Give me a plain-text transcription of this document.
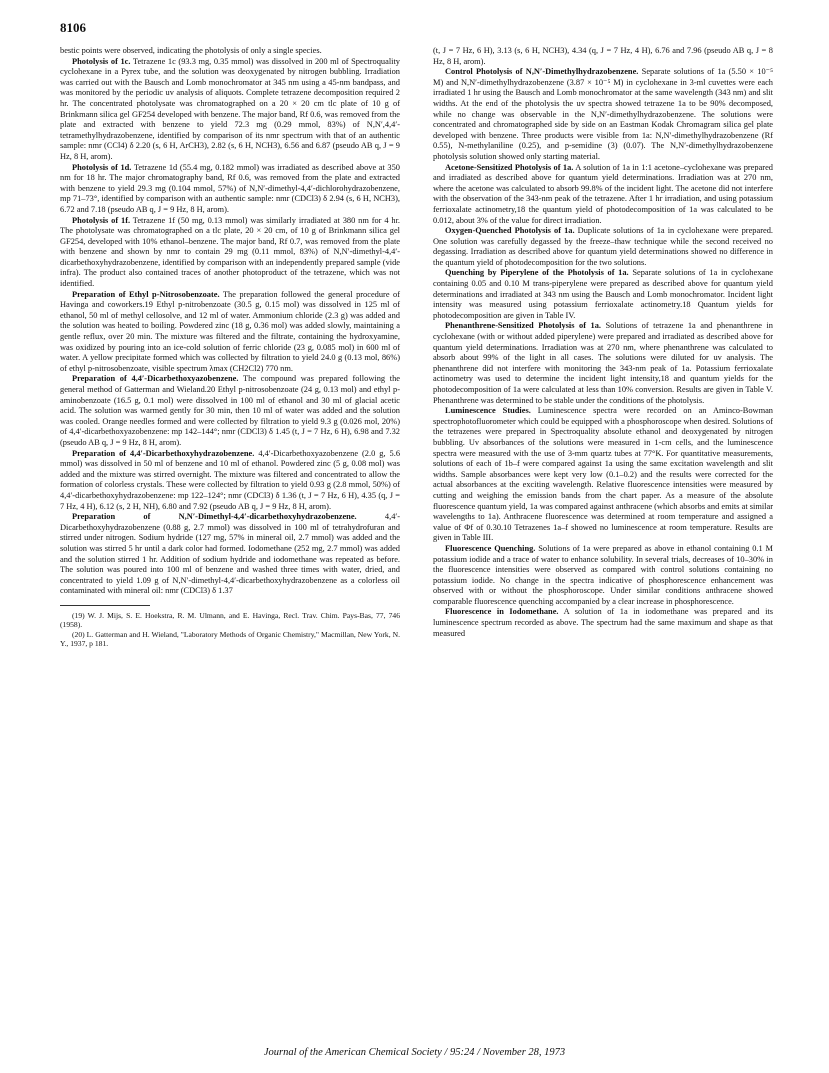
8106

bestic points were observed, indicating the photolysis of only a single species.

Photolysis of 1c. Tetrazene 1c (93.3 mg, 0.35 mmol) was dissolved in 200 ml of Spectroquality cyclohexane in a Pyrex tube, and the solution was deoxygenated by nitrogen bubbling. Irradiation was carried out with the Bausch and Lomb monochromator at 345 nm using a 45-nm bandpass, and was monitored by the periodic uv analysis of aliquots. Complete tetrazene decomposition required 2 hr. The concentrated photolysate was chromatographed on a 20 × 20 cm tlc plate of 10 g of Brinkmann silica gel GF254 developed with benzene. The major band, Rf 0.6, was removed from the plate and extracted with benzene to yield 72.3 mg (0.29 mmol, 83%) of N,N′,4,4′-tetramethylhydrazobenzene, identified by comparison of its nmr spectrum with that of an authentic sample: nmr (CCl4) δ 2.20 (s, 6 H, ArCH3), 2.82 (s, 6 H, NCH3), 6.56 and 6.87 (pseudo AB q, J = 9 Hz, 8 H, arom).

Photolysis of 1d. Tetrazene 1d (55.4 mg, 0.182 mmol) was irradiated as described above at 350 nm for 18 hr. The major chromatography band, Rf 0.6, was removed from the plate and extracted with benzene to yield 29.3 mg (0.104 mmol, 57%) of N,N′-dimethyl-4,4′-dichlorohydrazobenzene, mp 71–73°, identified by comparison with an authentic sample: nmr (CDCl3) δ 2.94 (s, 6 H, NCH3), 6.72 and 7.18 (pseudo AB q, J = 9 Hz, 8 H, arom).

Photolysis of 1f. Tetrazene 1f (50 mg, 0.13 mmol) was similarly irradiated at 380 nm for 4 hr. The photolysate was chromatographed on a tlc plate, 20 × 20 cm, of 10 g of Brinkmann silica gel GF254, developed with 10% ethanol–benzene. The major band, Rf 0.7, was removed from the plate with benzene and shown by nmr to contain 29 mg (0.11 mmol, 83%) of N,N′-dimethyl-4,4′-dicarbethoxyhydrazobenzene, identified by comparison with an independently prepared sample (vide infra). The product also contained traces of another photoproduct of the tetrazene, which was not identified.

Preparation of Ethyl p-Nitrosobenzoate. The preparation followed the general procedure of Havinga and coworkers.19 Ethyl p-nitrobenzoate (30.5 g, 0.15 mol) was dissolved in 125 ml of ethanol, 50 ml of methyl cellosolve, and 12 ml of water. Ammonium chloride (2.3 g) was added and the solution was heated to boiling. Powdered zinc (18 g, 0.36 mol) was added slowly, maintaining a gentle reflux, over 20 min. The mixture was filtered and the filtrate, containing the hydroxyamine, was oxidized by pouring into an ice-cold solution of ferric chloride (23 g, 0.085 mol) in 600 ml of water. A yellow precipitate formed which was collected by filtration to yield 24.0 g (0.13 mol, 86%) of ethyl p-nitrosobenzoate, visible spectrum λmax (CH2Cl2) 770 nm.

Preparation of 4,4′-Dicarbethoxyazobenzene. The compound was prepared following the general method of Gatterman and Wieland.20 Ethyl p-nitrosobenzoate (24 g, 0.13 mol) and ethyl p-aminobenzoate (16.5 g, 0.1 mol) were dissolved in 100 ml of ethanol and 30 ml of glacial acetic acid. The solution was warmed gently for 30 min, then 10 ml of water was added and the solution was cooled. Orange needles formed and were collected by filtration to yield 9.3 g (0.026 mol, 20%) of 4,4′-dicarbethoxyazobenzene: mp 142–144°; nmr (CDCl3) δ 1.45 (t, J = 7 Hz, 6 H), 6.98 and 7.32 (pseudo AB q, J = 9 Hz, 8 H, arom).

Preparation of 4,4′-Dicarbethoxyhydrazobenzene. 4,4′-Dicarbethoxyazobenzene (2.0 g, 5.6 mmol) was dissolved in 50 ml of benzene and 10 ml of ethanol. Powdered zinc (5 g, 0.08 mol) was added and the mixture was stirred overnight. The mixture was filtered and concentrated to allow the formation of colorless crystals. These were collected by filtration to yield 0.93 g (2.8 mmol, 50%) of 4,4′-dicarbethoxyhydrazobenzene: mp 122–124°; nmr (CDCl3) δ 1.36 (t, J = 7 Hz, 6 H), 4.35 (q, J = 7 Hz, 4 H), 6.12 (s, 2 H, NH), 6.80 and 7.92 (pseudo AB q, J = 9 Hz, 8 H, arom).

Preparation of N,N′-Dimethyl-4,4′-dicarbethoxyhydrazobenzene.	4,4′-Dicarbethoxyhydrazobenzene (0.88 g, 2.7 mmol) was dissolved in 100 ml of tetrahydrofuran and stirred under nitrogen. Sodium hydride (127 mg, 57% in mineral oil, 2.7 mmol) was added and the solution was stirred 5 hr until a dark color had formed. Iodomethane (252 mg, 2.7 mmol) was added and the solution stirred 1 hr. Addition of sodium hydride and iodomethane was repeated as before. The solution was poured into 100 ml of benzene and washed three times with water, dried, and concentrated to yield 1.09 g of N,N′-dimethyl-4,4′-dicarbethoxyhydrazobenzene as a colorless oil contaminated with mineral oil: nmr (CDCl3) δ 1.37

(19) W. J. Mijs, S. E. Hoekstra, R. M. Ulmann, and E. Havinga, Recl. Trav. Chim. Pays-Bas, 77, 746 (1958).

(20) L. Gatterman and H. Wieland, "Laboratory Methods of Organic Chemistry," Macmillan, New York, N. Y., 1937, p 181.

(t, J = 7 Hz, 6 H), 3.13 (s, 6 H, NCH3), 4.34 (q, J = 7 Hz, 4 H), 6.76 and 7.96 (pseudo AB q, J = 8 Hz, 8 H, arom).

Control Photolysis of N,N′-Dimethylhydrazobenzene. Separate solutions of 1a (5.50 × 10⁻⁵ M) and N,N′-dimethylhydrazobenzene (3.87 × 10⁻⁵ M) in cyclohexane in 3-ml cuvettes were each irradiated 1 hr using the Bausch and Lomb monochromator at the same wavelength (343 nm) and slit widths. At the end of the photolysis the uv spectra showed tetrazene 1a to be 90% decomposed, while no change was observable in the N,N′-dimethylhydrazobenzene. The solutions were concentrated and chromatographed side by side on an Eastman Kodak Chromagram silica gel plate developed with benzene. Three products were visible from 1a: N,N′-dimethylhydrazobenzene (Rf 0.55), N-methylaniline (0.25), and p-semidine (3) (0.07). The N,N′-dimethylhydrazobenzene photolysis solution showed only starting material.

Acetone-Sensitized Photolysis of 1a. A solution of 1a in 1:1 acetone–cyclohexane was prepared and irradiated as described above for quantum yield determinations. Irradiation was at 270 nm, where the acetone was calculated to absorb 99.8% of the incident light. The acetone did not interfere with the observation of the 343-nm peak of the tetrazene. After 1 hr irradiation, and using potassium ferrioxalate actinometry,18 the quantum yield of photodecomposition of 1a was calculated to be 0.012, about 3% of the value for direct irradiation.

Oxygen-Quenched Photolysis of 1a. Duplicate solutions of 1a in cyclohexane were prepared. One solution was carefully degassed by the freeze–thaw technique while the second received no degassing. Irradiation as described above for quantum yield determinations showed no difference in the quantum yield of photodecomposition for the two solutions.

Quenching by Piperylene of the Photolysis of 1a. Separate solutions of 1a in cyclohexane containing 0.05 and 0.10 M trans-piperylene were prepared as described above for quantum yield determinations and irradiated at 343 nm using the Bausch and Lomb monochromator. Incident light intensity was measured using potassium ferrioxalate actinometry.18 Quantum yields for photodecomposition are given in Table IV.

Phenanthrene-Sensitized Photolysis of 1a. Solutions of tetrazene 1a and phenanthrene in cyclohexane (with or without added piperylene) were prepared and irradiated as described above for quantum yield determinations. Irradiation was at 270 nm, where phenanthrene was calculated to absorb about 99% of the light in all cases. The solutions were diluted for uv analysis. The phenanthrene did not interfere with monitoring the 343-nm peak of 1a. Potassium ferrioxalate actinometry was used to determine the incident light intensity,18 and quantum yields for the photodecomposition of 1a were calculated at less than 10% conversion. Results are given in Table V. Phenanthrene was determined to be stable under the conditions of the photolysis.

Luminescence Studies. Luminescence spectra were recorded on an Aminco-Bowman spectrophotofluorometer which could be equipped with a phosphoroscope when desired. Solutions of the tetrazenes were prepared in Spectroquality absolute ethanol and deoxygenated by nitrogen bubbling. Uv absorbances of the solutions were measured in 1-cm cells, and the luminescence spectra were measured with the use of 3-mm quartz tubes at 77°K. For quantitative measurements, solutions of each of 1b–f were compared against 1a using the same excitation wavelength and slit widths. Sample absorbances were kept very low (0.1–0.2) and the results were corrected for the actual absorbances at the exciting wavelength. Relative fluorescence intensities were measured by cutting and weighing the emission bands from the chart paper. As a measure of the absolute fluorescence quantum yield, 1a was compared against anthracene (which absorbs and emits at similar wavelengths to 1a). Anthracene fluorescence was determined at room temperature and assigned a value of Φf of 0.30.10 Tetrazenes 1a–f showed no luminescence at room temperature. Results are given in Table III.

Fluorescence Quenching. Solutions of 1a were prepared as above in ethanol containing 0.1 M potassium iodide and a trace of water to enhance solubility. In several trials, decreases of 10–30% in the fluorescence intensities were observed as compared with control solutions containing no potassium iodide. No change in the spectra indicative of phosphorescence enhancement was observed with or without the phosphoroscope. Under similar conditions anthracene showed comparable fluorescence quenching accompanied by a clear increase in phosphorescence.

Fluorescence in Iodomethane. A solution of 1a in iodomethane was prepared and its luminescence spectrum recorded as above. The spectrum had the same maximum and shape as that measured

Journal of the American Chemical Society / 95:24 / November 28, 1973
